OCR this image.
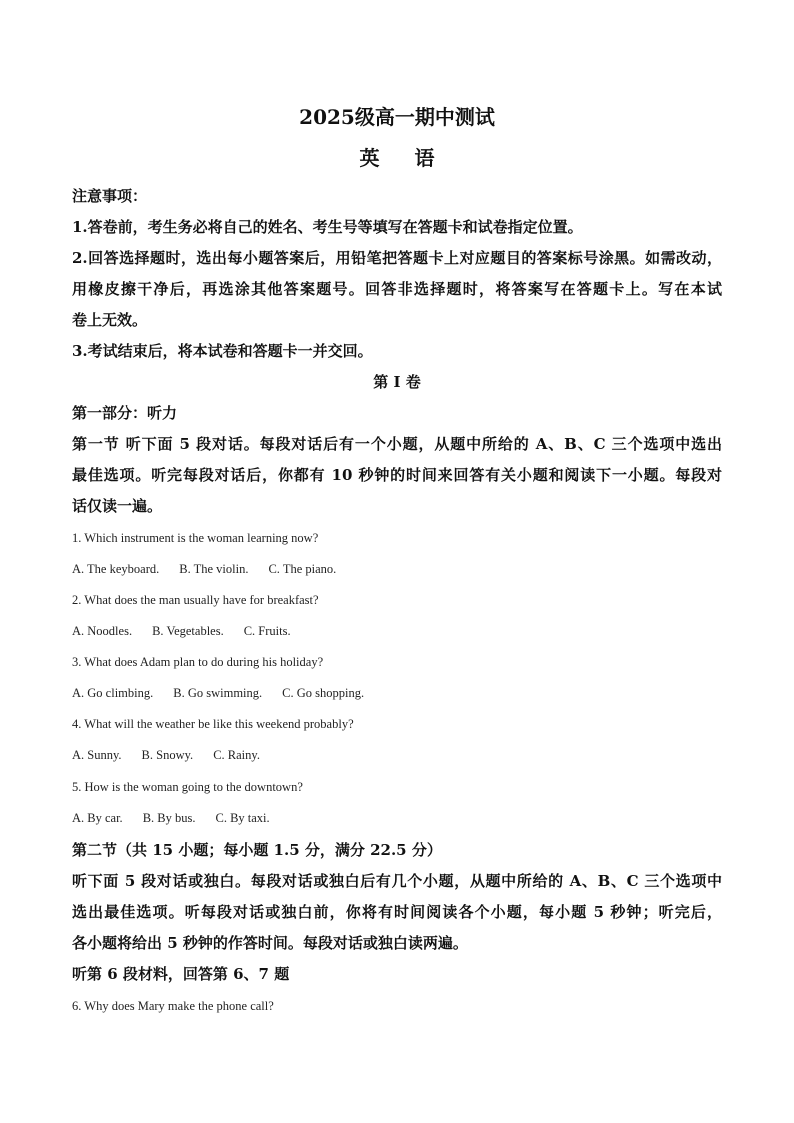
2025级高一期中测试
英 语
注意事项：
1.答卷前，考生务必将自己的姓名、考生号等填写在答题卡和试卷指定位置。
2.回答选择题时，选出每小题答案后，用铅笔把答题卡上对应题目的答案标号涂黑。如需改动，
用橡皮擦干净后，再选涂其他答案题号。回答非选择题时，将答案写在答题卡上。写在本试
卷上无效。
3.考试结束后，将本试卷和答题卡一并交回。
第 I 卷
第一部分：听力
第一节 听下面 5 段对话。每段对话后有一个小题，从题中所给的 A、B、C 三个选项中选出
最佳选项。听完每段对话后，你都有 10 秒钟的时间来回答有关小题和阅读下一小题。每段对
话仅读一遍。
1. Which instrument is the woman learning now?
A. The keyboard. B. The violin. C. The piano.
2. What does the man usually have for breakfast?
A. Noodles. B. Vegetables. C. Fruits.
3. What does Adam plan to do during his holiday?
A. Go climbing. B. Go swimming. C. Go shopping.
4. What will the weather be like this weekend probably?
A. Sunny. B. Snowy. C. Rainy.
5. How is the woman going to the downtown?
A. By car. B. By bus. C. By taxi.
第二节（共 15 小题；每小题 1.5 分，满分 22.5 分）
听下面 5 段对话或独白。每段对话或独白后有几个小题，从题中所给的 A、B、C 三个选项中
选出最佳选项。听每段对话或独白前，你将有时间阅读各个小题，每小题 5 秒钟；听完后，
各小题将给出 5 秒钟的作答时间。每段对话或独白读两遍。
听第 6 段材料，回答第 6、7 题
6. Why does Mary make the phone call?
